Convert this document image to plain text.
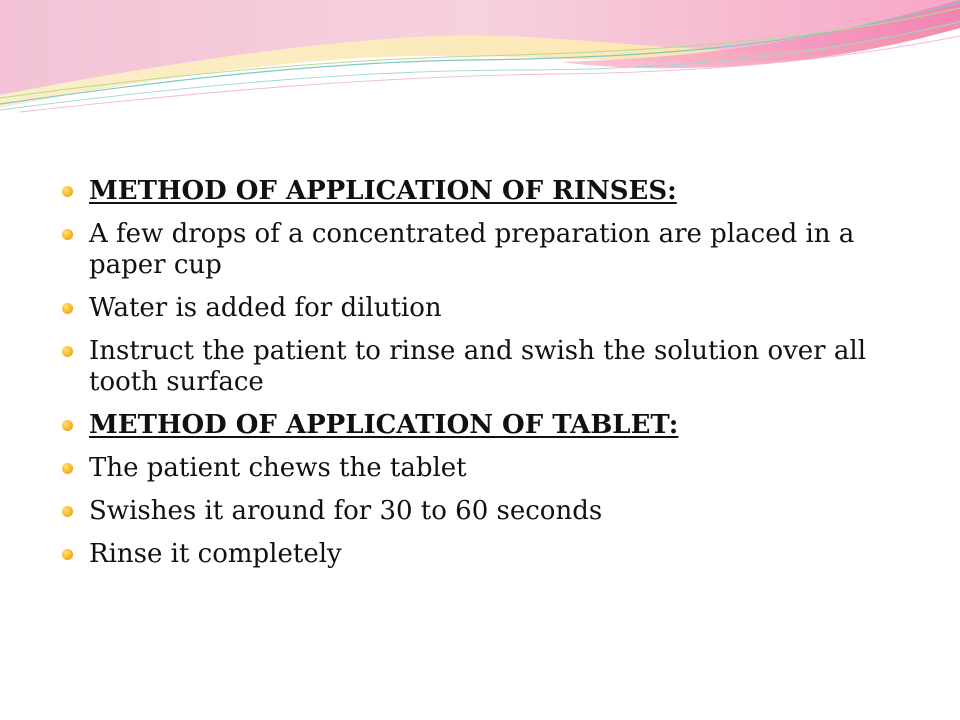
METHOD OF APPLICATION OF RINSES:
A few drops of a concentrated preparation are placed in a paper cup
Water is added for dilution
Instruct the patient to rinse and swish the solution over all tooth surface
METHOD OF APPLICATION OF TABLET:
The patient chews the tablet
Swishes it around for 30 to 60 seconds
Rinse it completely
